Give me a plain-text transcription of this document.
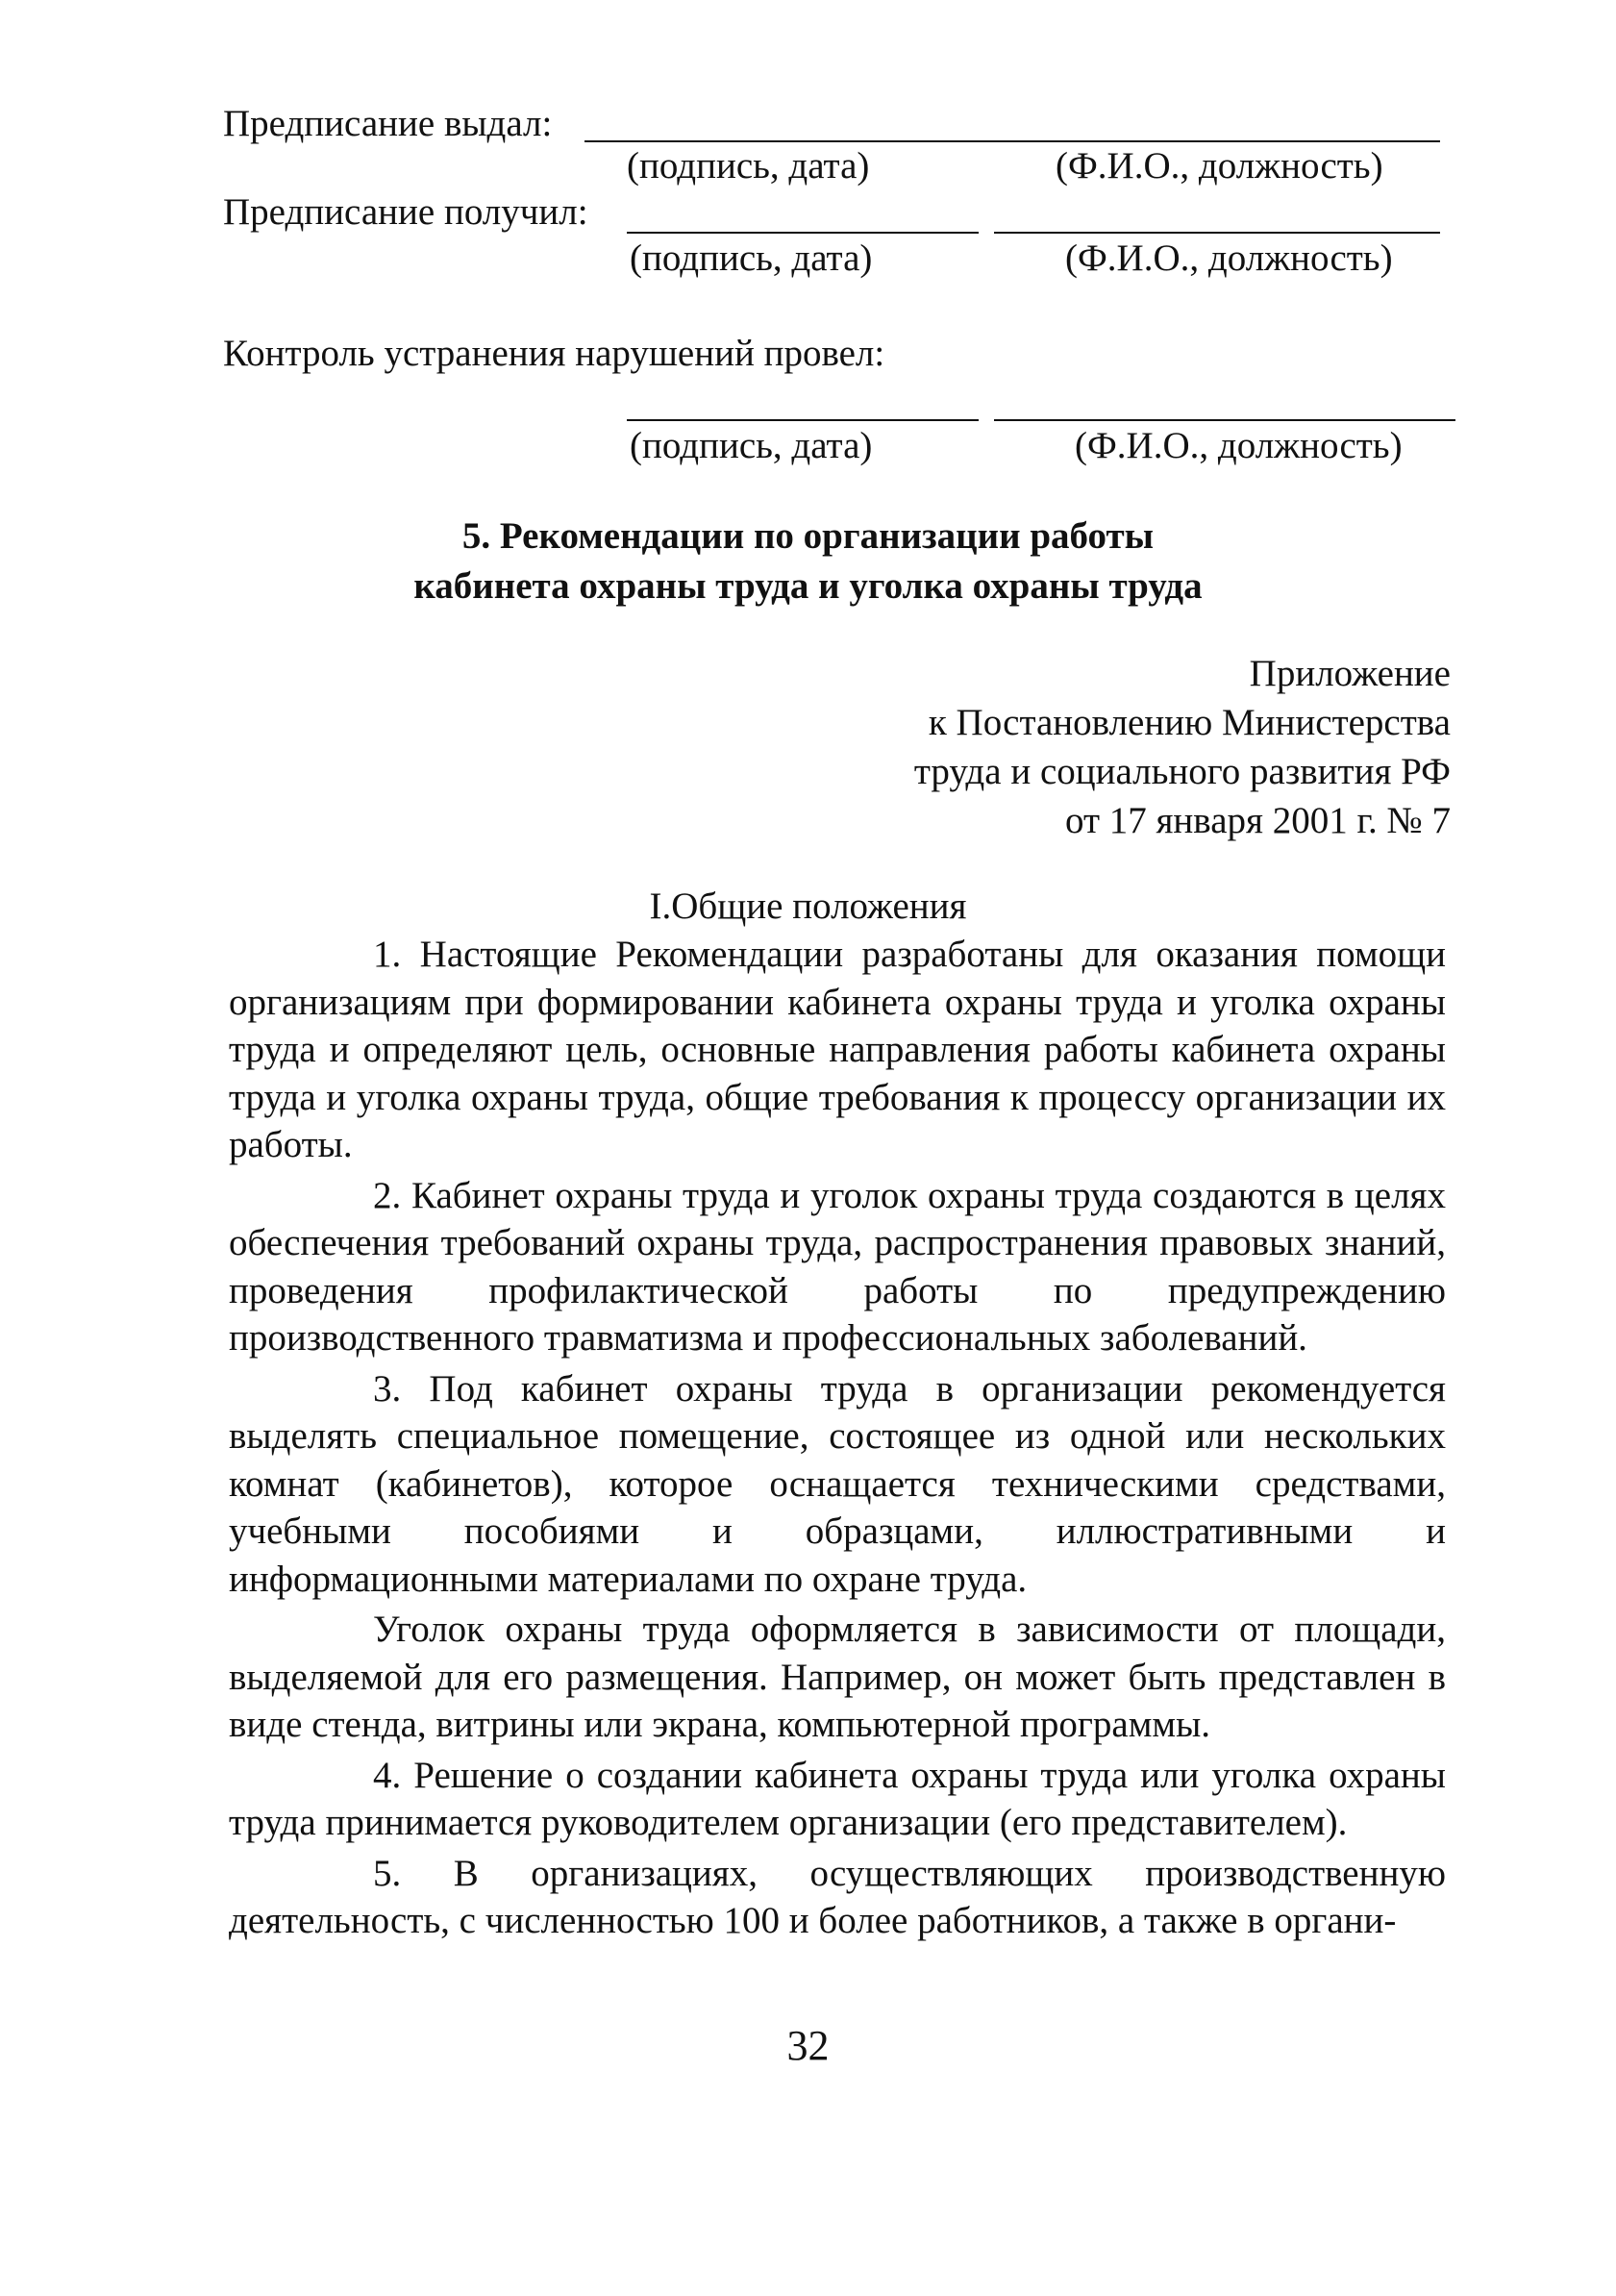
Предписание выдал:
(подпись, дата)	(Ф.И.О., должность)
Предписание получил:
(подпись, дата)	(Ф.И.О., должность)
Контроль устранения нарушений провел:
(подпись, дата)	(Ф.И.О., должность)
5. Рекомендации по организации работы
кабинета охраны труда и уголка охраны труда
Приложение
к Постановлению Министерства
труда и социального развития РФ
от 17 января 2001 г. № 7
I.Общие положения

1. Настоящие Рекомендации разработаны для оказания помощи организациям при формировании кабинета охраны труда и уголка охраны труда и определяют цель, основные направления работы кабинета охраны труда и уголка охраны труда, общие требования к процессу организации их работы.

2. Кабинет охраны труда и уголок охраны труда создаются в целях обеспечения требований охраны труда, распространения правовых знаний, проведения профилактической работы по предупреждению производственного травматизма и профессиональных заболеваний.

3. Под кабинет охраны труда в организации рекомендуется выделять специальное помещение, состоящее из одной или нескольких комнат (кабинетов), которое оснащается техническими средствами, учебными пособиями и образцами, иллюстративными и информационными материалами по охране труда.

Уголок охраны труда оформляется в зависимости от площади, выделяемой для его размещения. Например, он может быть представлен в виде стенда, витрины или экрана, компьютерной программы.

4. Решение о создании кабинета охраны труда или уголка охраны труда принимается руководителем организации (его представителем).

5. В организациях, осуществляющих производственную деятельность, с численностью 100 и более работников, а также в органи-

32
